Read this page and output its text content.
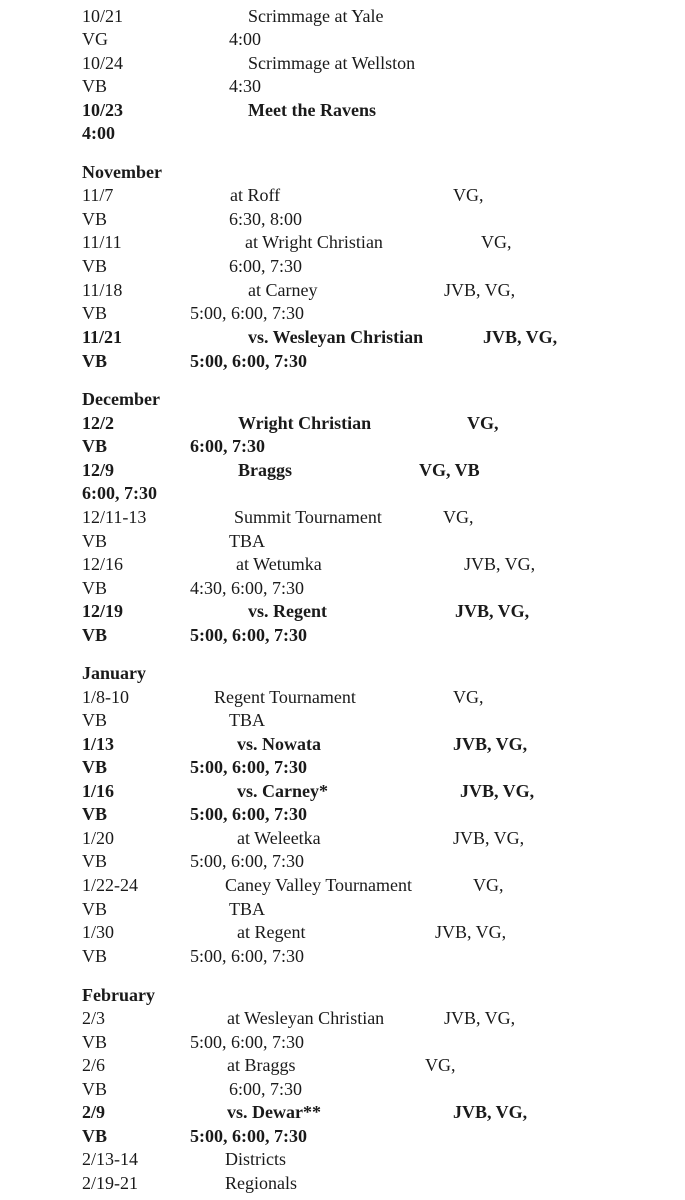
10/21	Scrimmage at Yale
VG	4:00
10/24	Scrimmage at Wellston
VB	4:30
10/23	Meet the Ravens
4:00
November
11/7	at Roff	VG,
VB	6:30, 8:00
11/11	at Wright Christian	VG,
VB	6:00, 7:30
11/18	at Carney	JVB, VG,
VB	5:00, 6:00, 7:30
11/21	vs. Wesleyan Christian	JVB, VG,
VB	5:00, 6:00, 7:30
December
12/2	Wright Christian	VG,
VB	6:00, 7:30
12/9	Braggs	VG, VB
6:00, 7:30
12/11-13	Summit Tournament	VG,
VB	TBA
12/16	at Wetumka	JVB, VG,
VB	4:30, 6:00, 7:30
12/19	vs. Regent	JVB, VG,
VB	5:00, 6:00, 7:30
January
1/8-10	Regent Tournament	VG,
VB	TBA
1/13	vs. Nowata	JVB, VG,
VB	5:00, 6:00, 7:30
1/16	vs. Carney*	JVB, VG,
VB	5:00, 6:00, 7:30
1/20	at Weleetka	JVB, VG,
VB	5:00, 6:00, 7:30
1/22-24	Caney Valley Tournament	VG,
VB	TBA
1/30	at Regent	JVB, VG,
VB	5:00, 6:00, 7:30
February
2/3	at Wesleyan Christian	JVB, VG,
VB	5:00, 6:00, 7:30
2/6	at Braggs	VG,
VB	6:00, 7:30
2/9	vs. Dewar**	JVB, VG,
VB	5:00, 6:00, 7:30
2/13-14	Districts
2/19-21	Regionals
